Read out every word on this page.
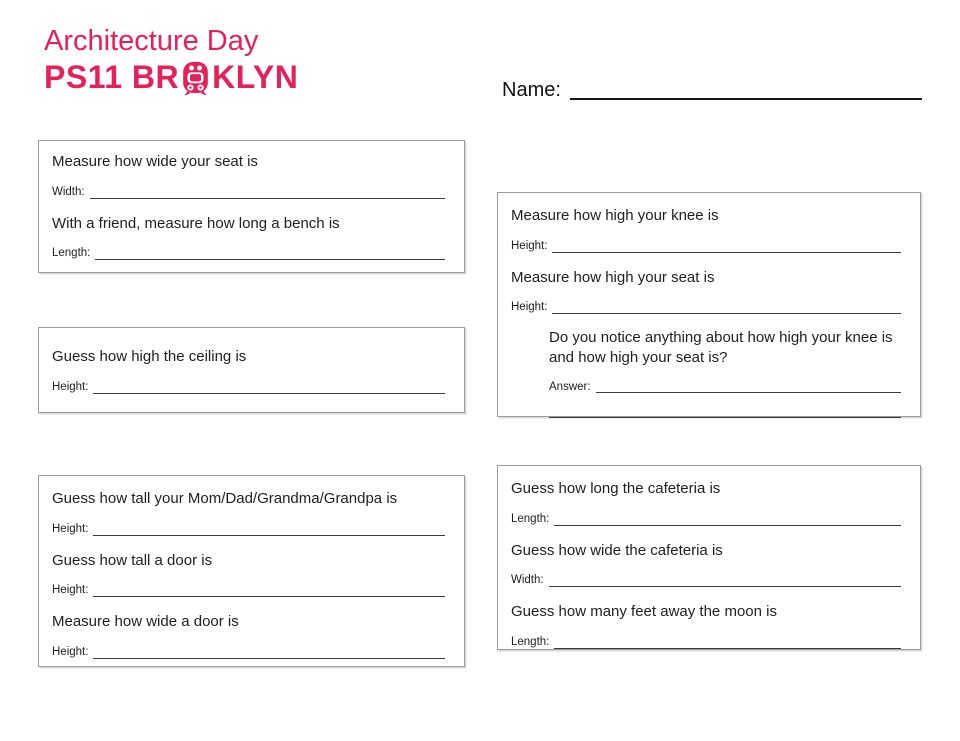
Architecture Day
PS11 BR KLYN	Name:
Measure how wide your seat is
Width:
With a friend, measure how long a bench is
Length:
Guess how high the ceiling is
Height:
Guess how tall your Mom/Dad/Grandma/Grandpa is
Height:
Guess how tall a door is
Height:
Measure how wide a door is
Height:
Measure how high your knee is
Height:
Measure how high your seat is
Height:
Do you notice anything about how high your knee is and how high your seat is?
Answer:
Guess how long the cafeteria is
Length:
Guess how wide the cafeteria is
Width:
Guess how many feet away the moon is
Length:
